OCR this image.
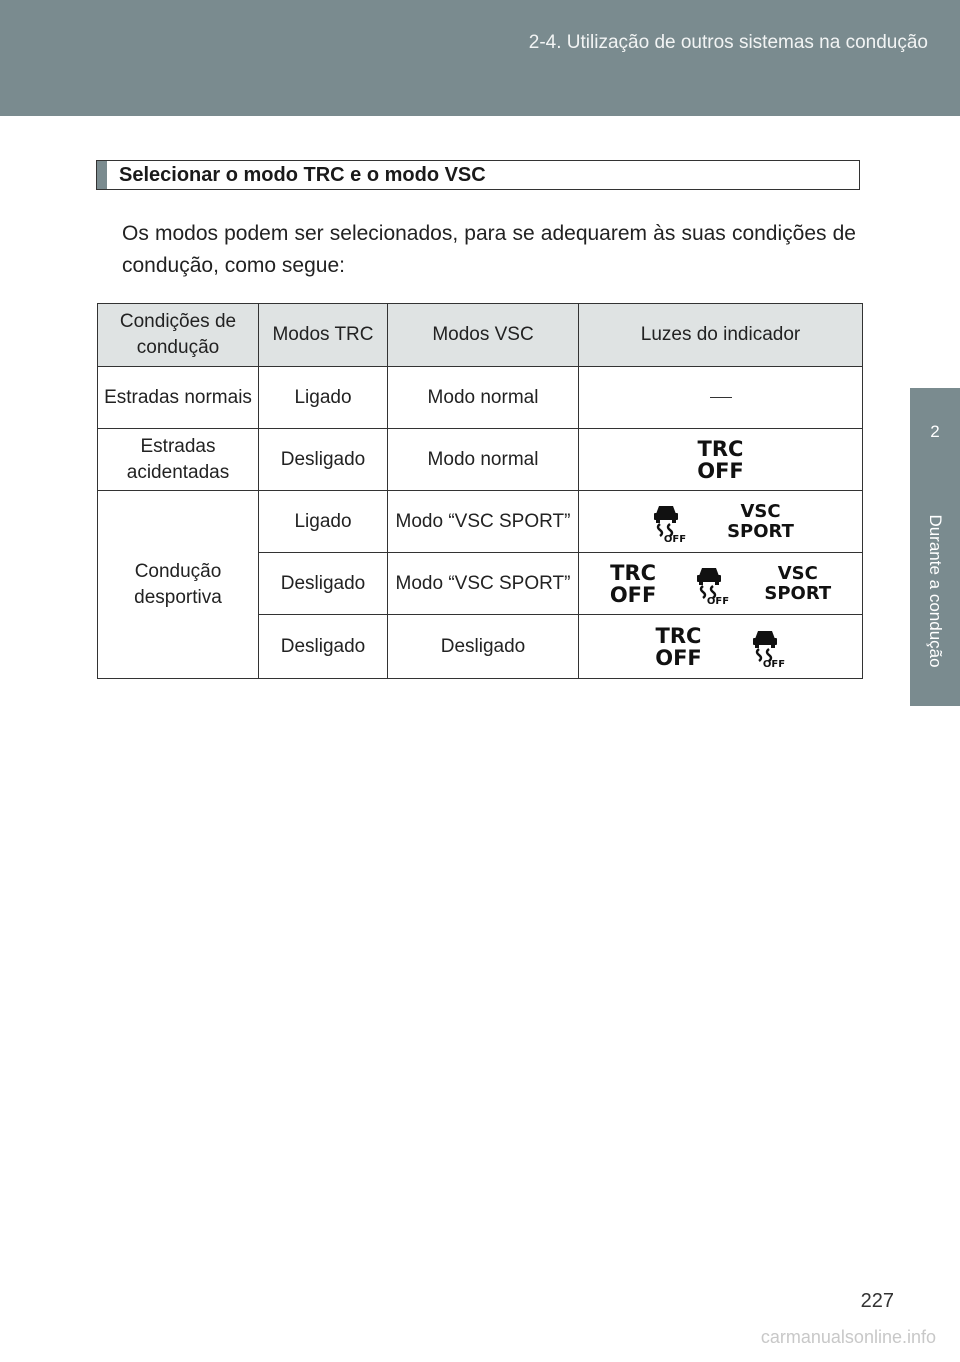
2-4. Utilização de outros sistemas na condução
2
Durante a condução
Selecionar o modo TRC e o modo VSC
Os modos podem ser selecionados, para se adequarem às suas condições de condução, como segue:
Condições de condução	Modos TRC	Modos VSC	Luzes do indicador
Estradas normais	Ligado	Modo normal	
Estradas acidentadas	Desligado	Modo normal	TRC
OFF

Condução desportiva	Ligado	Modo “VSC SPORT”	OFF
VSC
SPORT

	Desligado	Modo “VSC SPORT”	TRC
OFF OFF
VSC
SPORT

	Desligado	Desligado	TRC
OFF OFF
227
carmanualsonline.info
